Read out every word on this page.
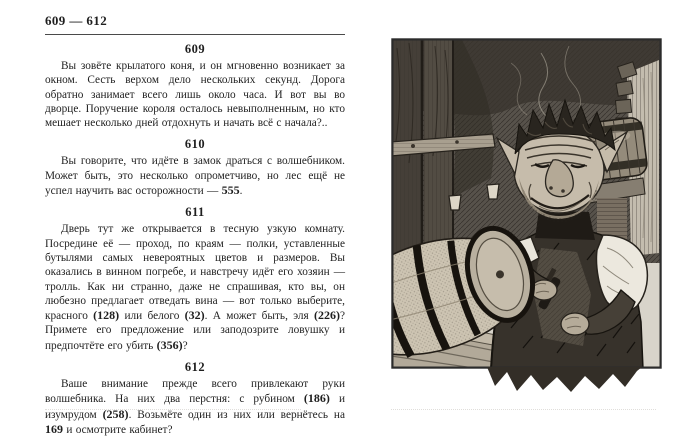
609 — 612
609

Вы зовёте крылатого коня, и он мгновенно возникает за окном. Сесть верхом дело нескольких секунд. Дорога обратно занимает всего лишь около часа. И вот вы во дворце. Поручение короля осталось невыполненным, но кто мешает несколько дней отдохнуть и начать всё с начала?..

610

Вы говорите, что идёте в замок драться с волшебником. Может быть, это несколько опрометчиво, но лес ещё не успел научить вас осторожности — 555.

611

Дверь тут же открывается в тесную узкую комнату. Посредине её — проход, по краям — полки, уставленные бутылями самых невероятных цветов и размеров. Вы оказались в винном погребе, и навстречу идёт его хозяин — тролль. Как ни странно, даже не спрашивая, кто вы, он любезно предлагает отведать вина — вот только выберите, красного (128) или белого (32). А может быть, эля (226)? Примете его предложение или заподозрите ловушку и предпочтёте его убить (356)?

612

Ваше внимание прежде всего привлекают руки волшебника. На них два перстня: с рубином (186) и изумрудом (258). Возьмёте один из них или вернётесь на 169 и осмотрите кабинет?
